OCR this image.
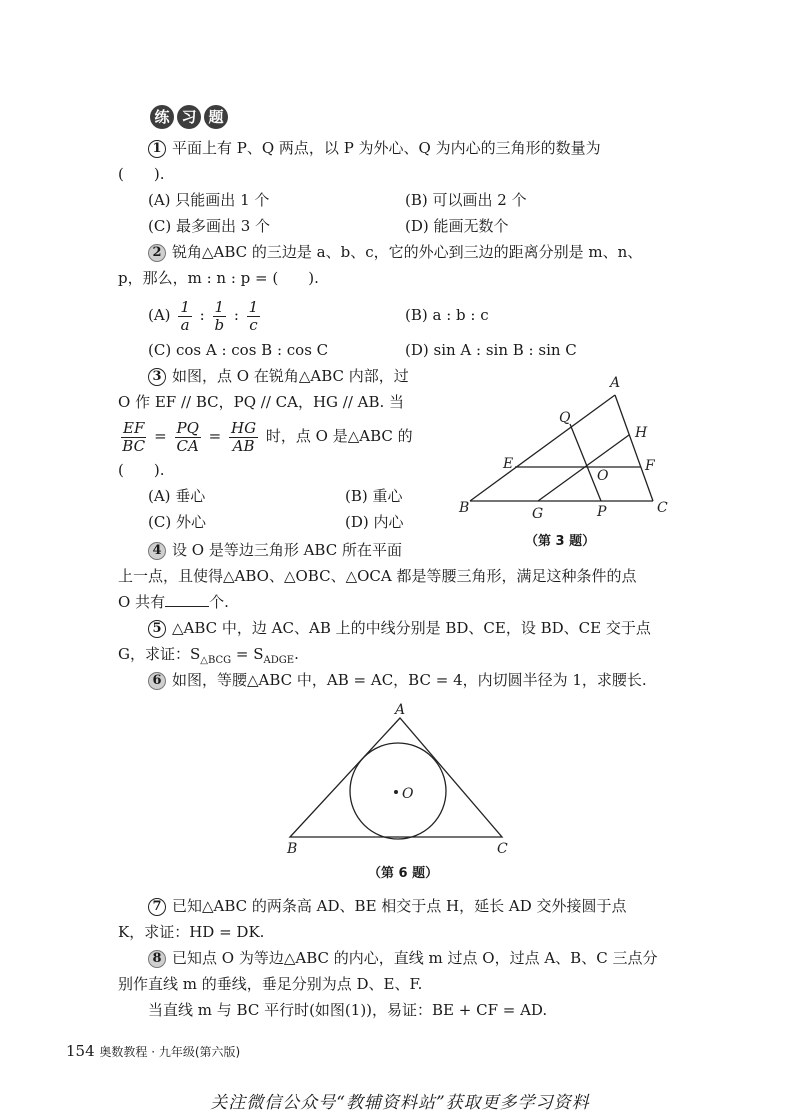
练 习 题
1 平面上有 P、Q 两点，以 P 为外心、Q 为内心的三角形的数量为
(　　).
(A) 只能画出 1 个	(B) 可以画出 2 个
(C) 最多画出 3 个	(D) 能画无数个
2 锐角△ABC 的三边是 a、b、c，它的外心到三边的距离分别是 m、n、
p，那么，m : n : p = (　　).
$(A) \frac{1}{a}$ : $\frac{1}{b}$ : $\frac{1}{c}$	(B) a : b : c
(C) cos A : cos B : cos C	(D) sin A : sin B : sin C
3 如图，点 O 在锐角△ABC 内部，过
O 作 EF // BC，PQ // CA，HG // AB. 当
$\frac{EF}{BC} = \frac{PQ}{CA} = \frac{HG}{AB}$ 时，点 O 是△ABC 的
(　　).
(A) 垂心	(B) 重心
(C) 外心	(D) 内心
A
Q
H
E
O
F
B	G	P	C
（第 3 题）
4 设 O 是等边三角形 ABC 所在平面
上一点，且使得△ABO、△OBC、△OCA 都是等腰三角形，满足这种条件的点
O 共有	个.
5 △ABC 中，边 AC、AB 上的中线分别是 BD、CE，设 BD、CE 交于点
G，求证：$S_{\triangle BCG} = S_{ADGE}$.
6 如图，等腰△ABC 中，AB = AC，BC = 4，内切圆半径为 1，求腰长.
A
O
B	C
（第 6 题）
7 已知△ABC 的两条高 AD、BE 相交于点 H，延长 AD 交外接圆于点
K，求证：HD = DK.
8 已知点 O 为等边△ABC 的内心，直线 m 过点 O，过点 A、B、C 三点分
别作直线 m 的垂线，垂足分别为点 D、E、F.
当直线 m 与 BC 平行时(如图(1))，易证：BE + CF = AD.
154 奥数教程 · 九年级(第六版)
关注微信公众号“教辅资料站”获取更多学习资料
